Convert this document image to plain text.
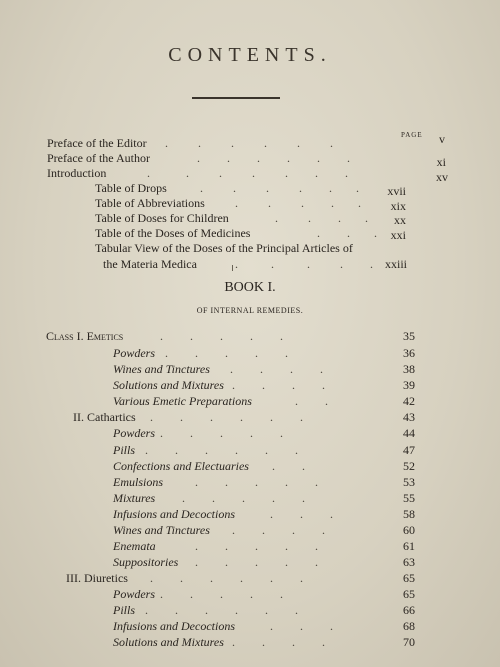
CONTENTS.
PAGE
Preface of the Editor .          .          .          .          .          .	v
Preface of the Author	.         .         .         .         .         .	xi
Introduction	.            .          .          .          .         .         .	xv
Table of Drops	.          .          .          .         .        .	xvii
Table of Abbreviations	.          .          .         .        .	xix
Table of Doses for Children	.          .         .        .	xx
Table of the Doses of Medicines	.         .        .	xxi
Tabular View of the Doses of the Principal Articles of
the Materia Medica	.           .           .          .         . xxiii
BOOK I.
OF INTERNAL REMEDIES.
Class I. Emetics	.         .         .         .         .	35
Powders .         .         .         .         .	36
Wines and Tinctures .         .         .         .	38
Solutions and Mixtures .         .         .         .	39
Various Emetic Preparations	.         .	42
II. Cathartics .         .         .         .         .         .	43
Powders .         .         .         .         .	44
Pills .         .         .         .         .         .	47
Confections and Electuaries .         .	52
Emulsions	.         .         .         .         .	53
Mixtures .         .         .         .         .	55
Infusions and Decoctions	.         .         .	58
Wines and Tinctures .         .         .         .	60
Enemata	.         .         .         .         .	61
Suppositories .         .         .         .         .	63
III. Diuretics .         .         .         .         .         .	65
Powders .         .         .         .         .	65
Pills .         .         .         .         .         .	66
Infusions and Decoctions	.         .         .	68
Solutions and Mixtures .         .         .         .	70
